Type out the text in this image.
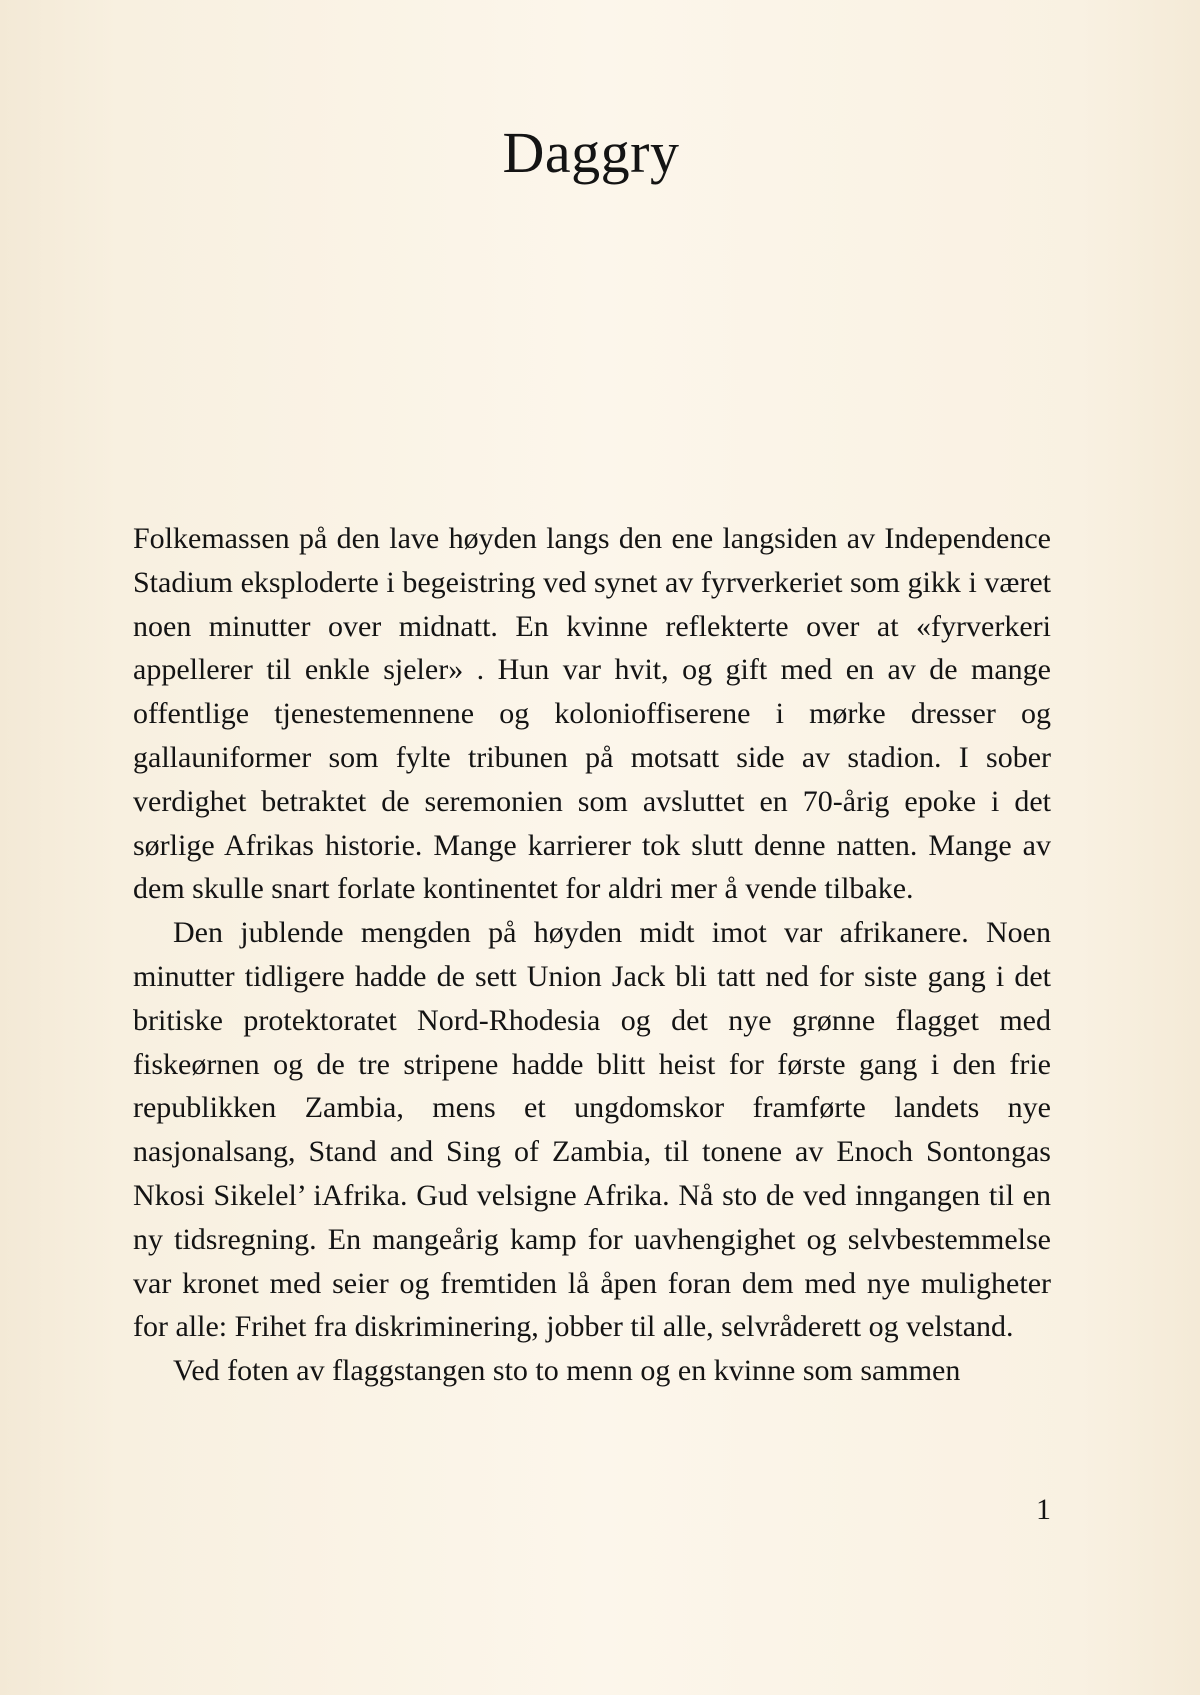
Daggry

Folkemassen på den lave høyden langs den ene langsiden av Independence Stadium eksploderte i begeistring ved synet av fyrverkeriet som gikk i været noen minutter over midnatt. En kvinne reflekterte over at «fyrverkeri appellerer til enkle sjeler» . Hun var hvit, og gift med en av de mange offentlige tjenestemennene og kolonioffiserene i mørke dresser og gallauniformer som fylte tribunen på motsatt side av stadion. I sober verdighet betraktet de seremonien som avsluttet en 70-årig epoke i det sørlige Afrikas historie. Mange karrierer tok slutt denne natten. Mange av dem skulle snart forlate kontinentet for aldri mer å vende tilbake.

Den jublende mengden på høyden midt imot var afrikanere. Noen minutter tidligere hadde de sett Union Jack bli tatt ned for siste gang i det britiske protektoratet Nord-Rhodesia og det nye grønne flagget med fiskeørnen og de tre stripene hadde blitt heist for første gang i den frie republikken Zambia, mens et ungdomskor framførte landets nye nasjonalsang, Stand and Sing of Zambia, til tonene av Enoch Sontongas Nkosi Sikelel’ iAfrika. Gud velsigne Afrika. Nå sto de ved inngangen til en ny tidsregning. En mangeårig kamp for uavhengighet og selvbestemmelse var kronet med seier og fremtiden lå åpen foran dem med nye muligheter for alle: Frihet fra diskriminering, jobber til alle, selvråderett og velstand.

Ved foten av flaggstangen sto to menn og en kvinne som sammen

1
